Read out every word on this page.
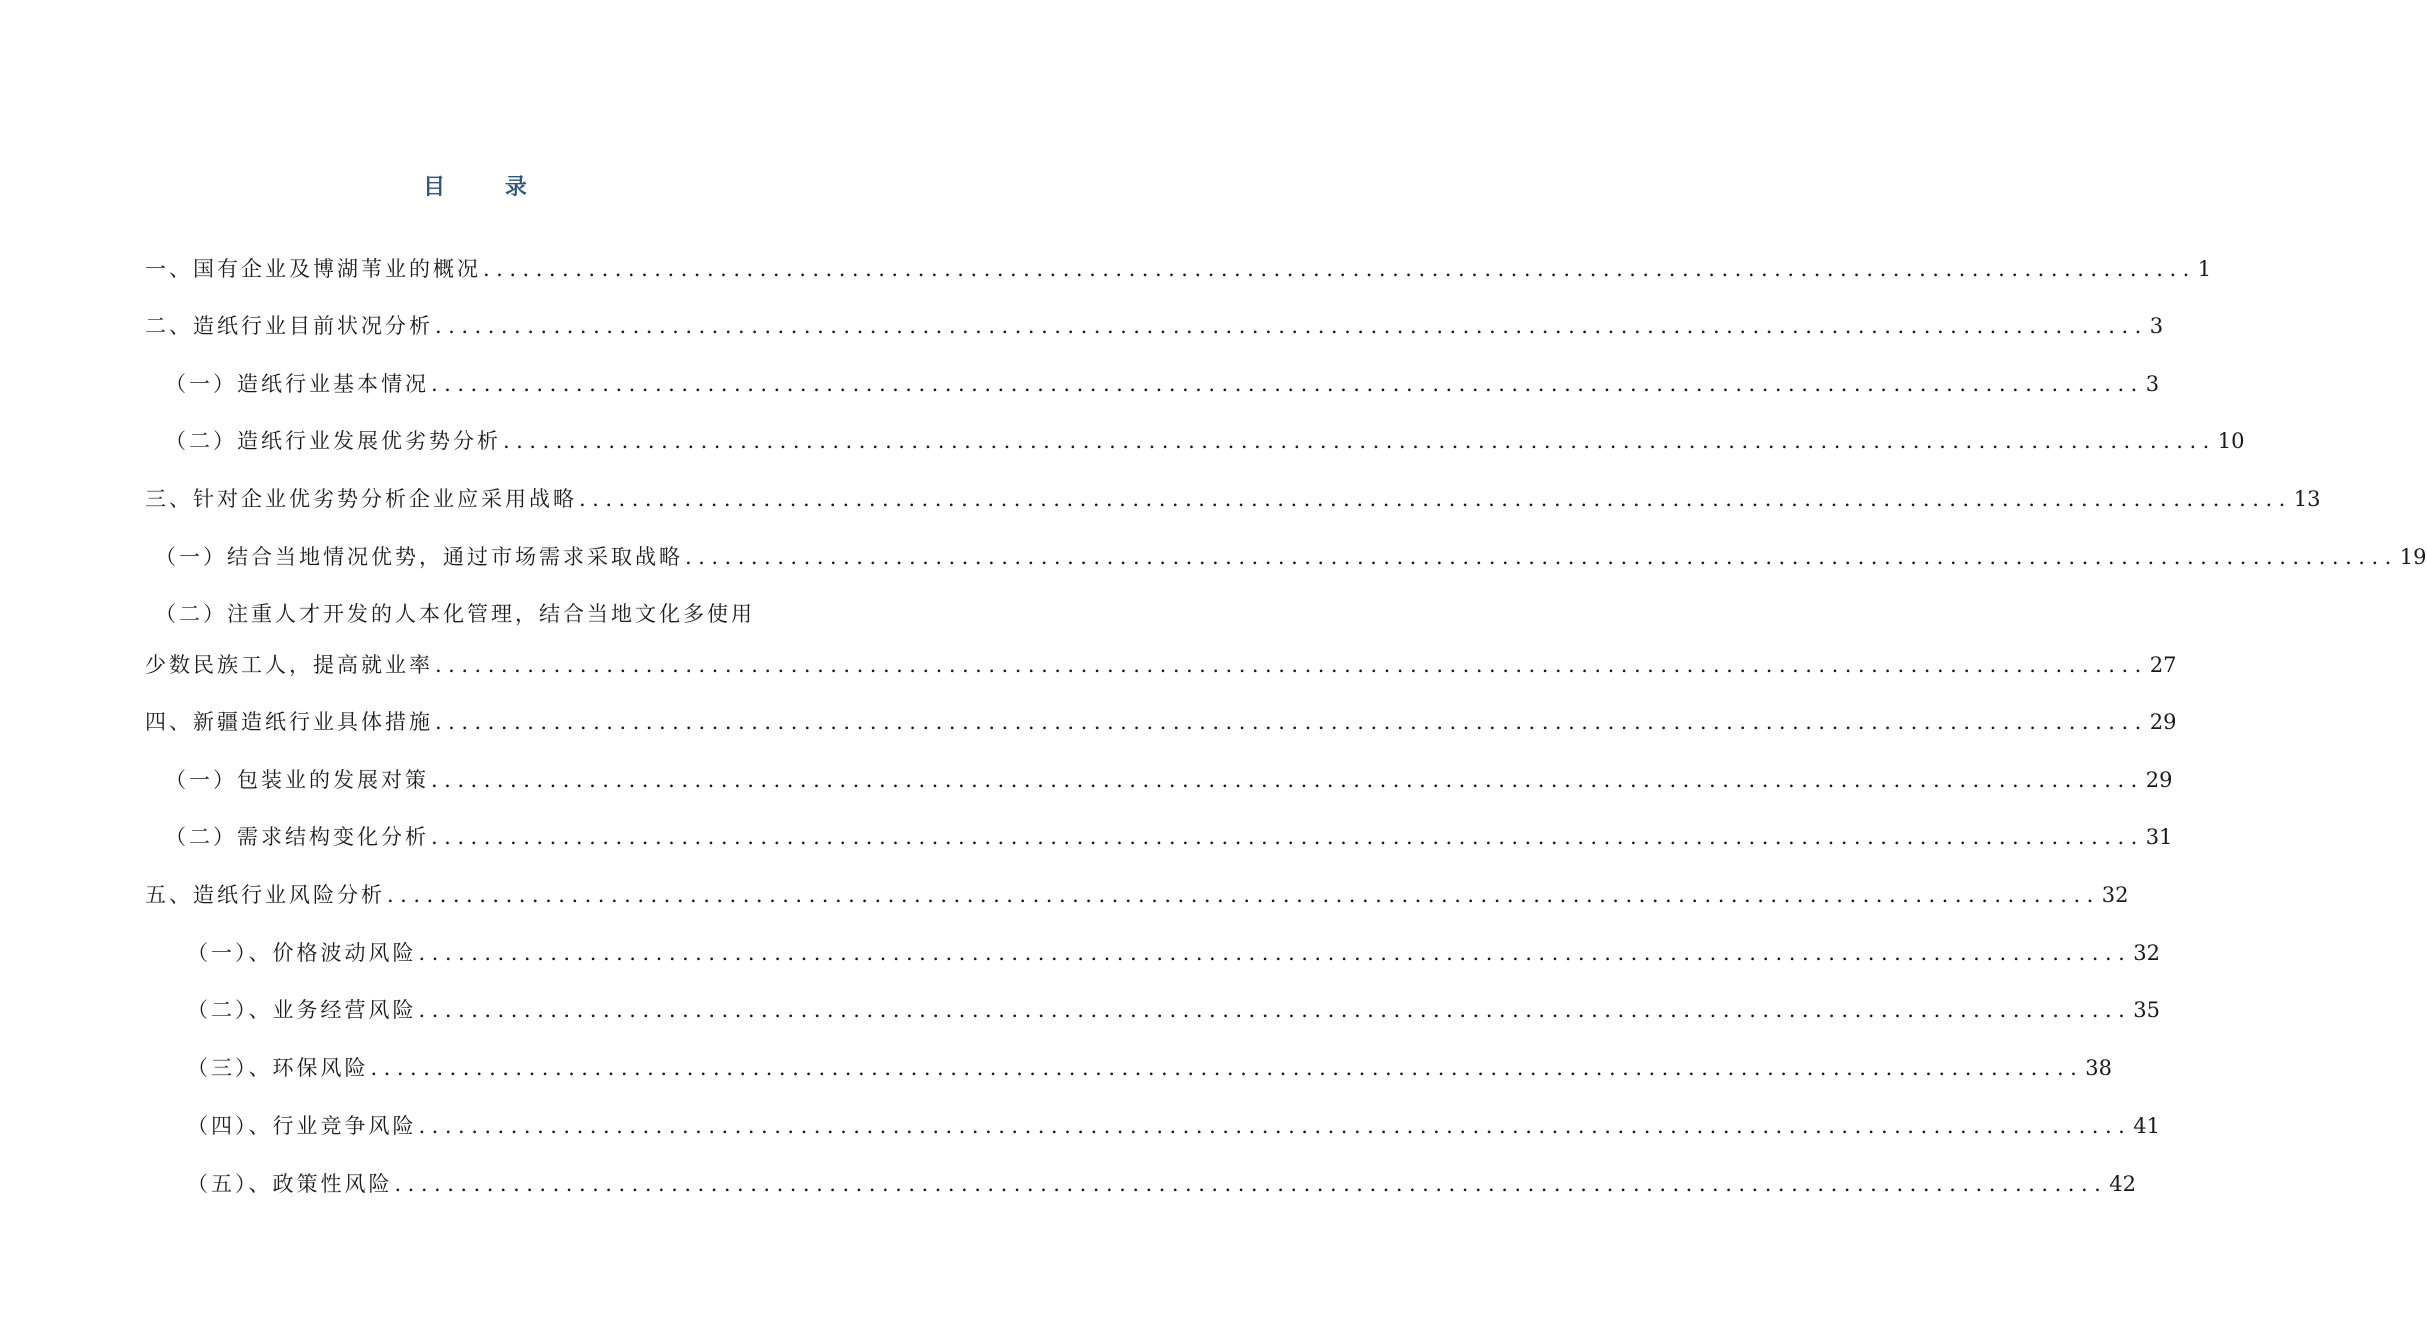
目 录
一、国有企业及博湖苇业的概况 .................................................................................................................................. 1
二、造纸行业目前状况分析 .................................................................................................................................. 3
（一）造纸行业基本情况 .................................................................................................................................. 3
（二）造纸行业发展优劣势分析 .................................................................................................................................. 10
三、针对企业优劣势分析企业应采用战略 .................................................................................................................................. 13
（一）结合当地情况优势，通过市场需求采取战略 .................................................................................................................................. 19
（二）注重人才开发的人本化管理，结合当地文化多使用
少数民族工人，提高就业率 .................................................................................................................................. 27
四、新疆造纸行业具体措施 .................................................................................................................................. 29
（一）包装业的发展对策 .................................................................................................................................. 29
（二）需求结构变化分析 .................................................................................................................................. 31
五、造纸行业风险分析 .................................................................................................................................. 32
（一）、价格波动风险 .................................................................................................................................. 32
（二）、业务经营风险 .................................................................................................................................. 35
（三）、环保风险 .................................................................................................................................. 38
（四）、行业竞争风险 .................................................................................................................................. 41
（五）、政策性风险 .................................................................................................................................. 42
